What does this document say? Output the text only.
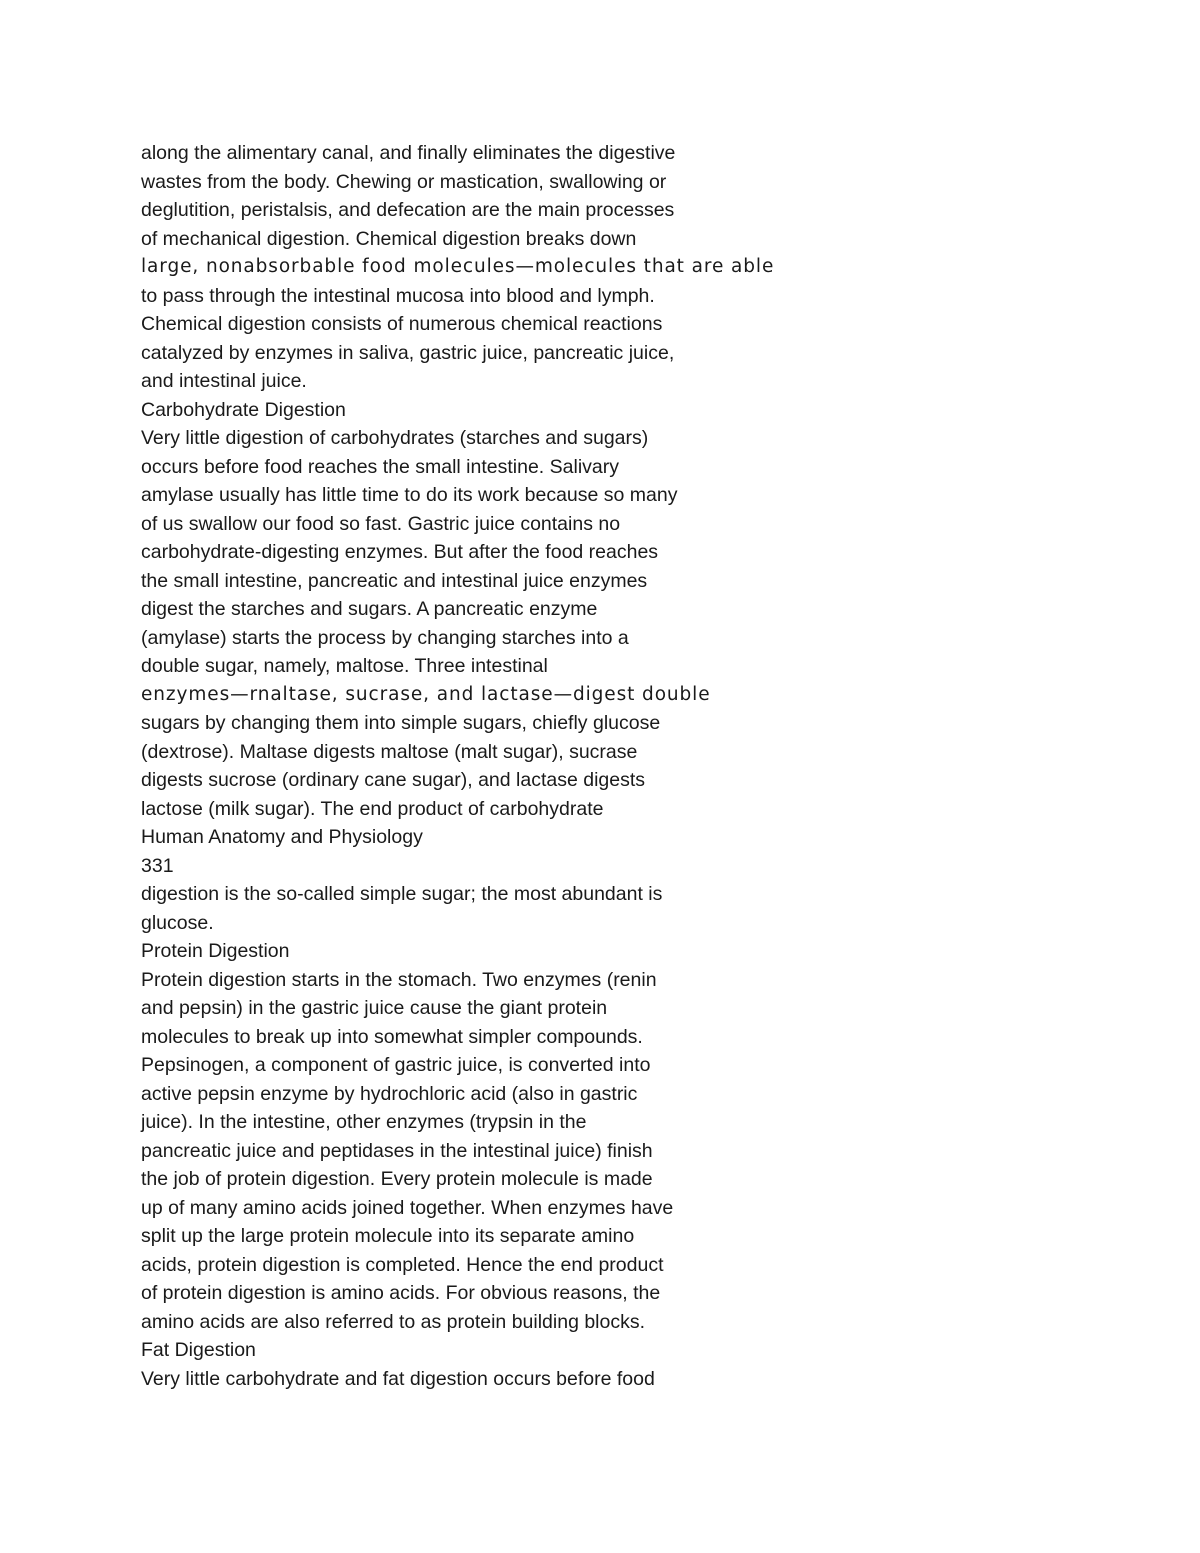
along the alimentary canal, and finally eliminates the digestive
wastes from the body. Chewing or mastication, swallowing or
deglutition, peristalsis, and defecation are the main processes
of mechanical digestion. Chemical digestion breaks down
large, nonabsorbable food molecules—molecules that are able
to pass through the intestinal mucosa into blood and lymph.
Chemical digestion consists of numerous chemical reactions
catalyzed by enzymes in saliva, gastric juice, pancreatic juice,
and intestinal juice.
Carbohydrate Digestion
Very little digestion of carbohydrates (starches and sugars)
occurs before food reaches the small intestine. Salivary
amylase usually has little time to do its work because so many
of us swallow our food so fast. Gastric juice contains no
carbohydrate-digesting enzymes. But after the food reaches
the small intestine, pancreatic and intestinal juice enzymes
digest the starches and sugars. A pancreatic enzyme
(amylase) starts the process by changing starches into a
double sugar, namely, maltose. Three intestinal
enzymes—rnaltase, sucrase, and lactase—digest double
sugars by changing them into simple sugars, chiefly glucose
(dextrose). Maltase digests maltose (malt sugar), sucrase
digests sucrose (ordinary cane sugar), and lactase digests
lactose (milk sugar). The end product of carbohydrate
Human Anatomy and Physiology
331
digestion is the so-called simple sugar; the most abundant is
glucose.
Protein Digestion
Protein digestion starts in the stomach. Two enzymes (renin
and pepsin) in the gastric juice cause the giant protein
molecules to break up into somewhat simpler compounds.
Pepsinogen, a component of gastric juice, is converted into
active pepsin enzyme by hydrochloric acid (also in gastric
juice). In the intestine, other enzymes (trypsin in the
pancreatic juice and peptidases in the intestinal juice) finish
the job of protein digestion. Every protein molecule is made
up of many amino acids joined together. When enzymes have
split up the large protein molecule into its separate amino
acids, protein digestion is completed. Hence the end product
of protein digestion is amino acids. For obvious reasons, the
amino acids are also referred to as protein building blocks.
Fat Digestion
Very little carbohydrate and fat digestion occurs before food
